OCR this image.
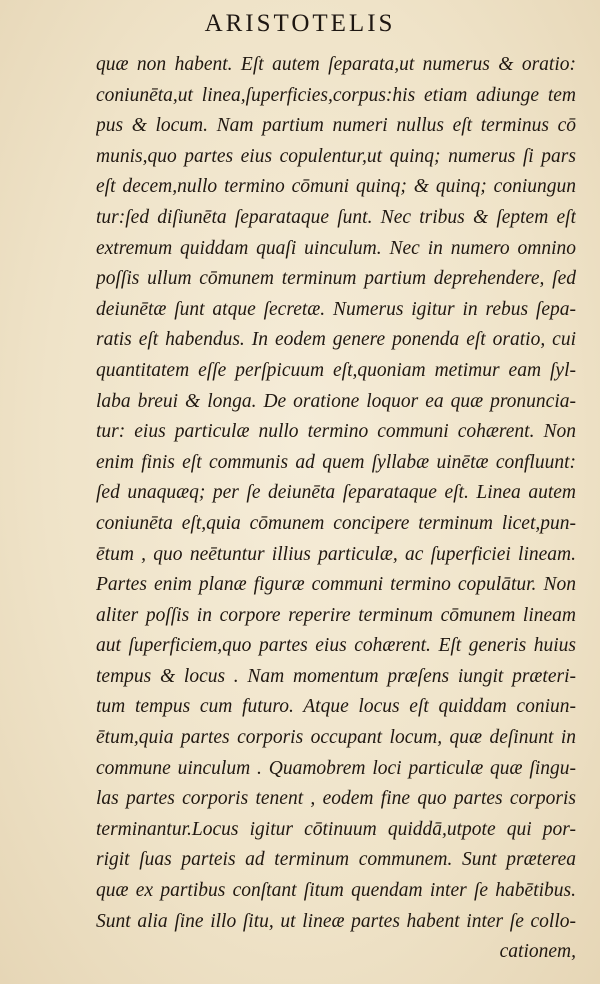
ARISTOTELIS
quæ non habent. Eſt autem ſeparata,ut numerus & oratio:
coniunēta,ut linea,ſuperficies,corpus:his etiam adiunge tem
pus & locum. Nam partium numeri nullus eſt terminus cō
munis,quo partes eius copulentur,ut quinq; numerus ſi pars
eſt decem,nullo termino cōmuni quinq; & quinq; coniungun
tur:ſed diſiunēta ſeparataque ſunt. Nec tribus & ſeptem eſt
extremum quiddam quaſi uinculum. Nec in numero omnino
poſſis ullum cōmunem terminum partium deprehendere, ſed
deiunētæ ſunt atque ſecretæ. Numerus igitur in rebus ſepa-
ratis eſt habendus. In eodem genere ponenda eſt oratio, cui
quantitatem eſſe perſpicuum eſt,quoniam metimur eam ſyl-
laba breui & longa. De oratione loquor ea quæ pronuncia-
tur: eius particulæ nullo termino communi cohærent. Non
enim finis eſt communis ad quem ſyllabæ uinētæ confluunt:
ſed unaquæq; per ſe deiunēta ſeparataque eſt. Linea autem
coniunēta eſt,quia cōmunem concipere terminum licet,pun-
ētum , quo neētuntur illius particulæ, ac ſuperficiei lineam.
Partes enim planæ figuræ communi termino copulātur. Non
aliter poſſis in corpore reperire terminum cōmunem lineam
aut ſuperficiem,quo partes eius cohærent. Eſt generis huius
tempus & locus . Nam momentum præſens iungit præteri-
tum tempus cum futuro. Atque locus eſt quiddam coniun-
ētum,quia partes corporis occupant locum, quæ deſinunt in
commune uinculum . Quamobrem loci particulæ quæ ſingu-
las partes corporis tenent , eodem fine quo partes corporis
terminantur.Locus igitur cōtinuum quiddā,utpote qui por-
rigit ſuas parteis ad terminum communem. Sunt præterea
quæ ex partibus conſtant ſitum quendam inter ſe habētibus.
Sunt alia ſine illo ſitu, ut lineæ partes habent inter ſe collo-
cationem,
